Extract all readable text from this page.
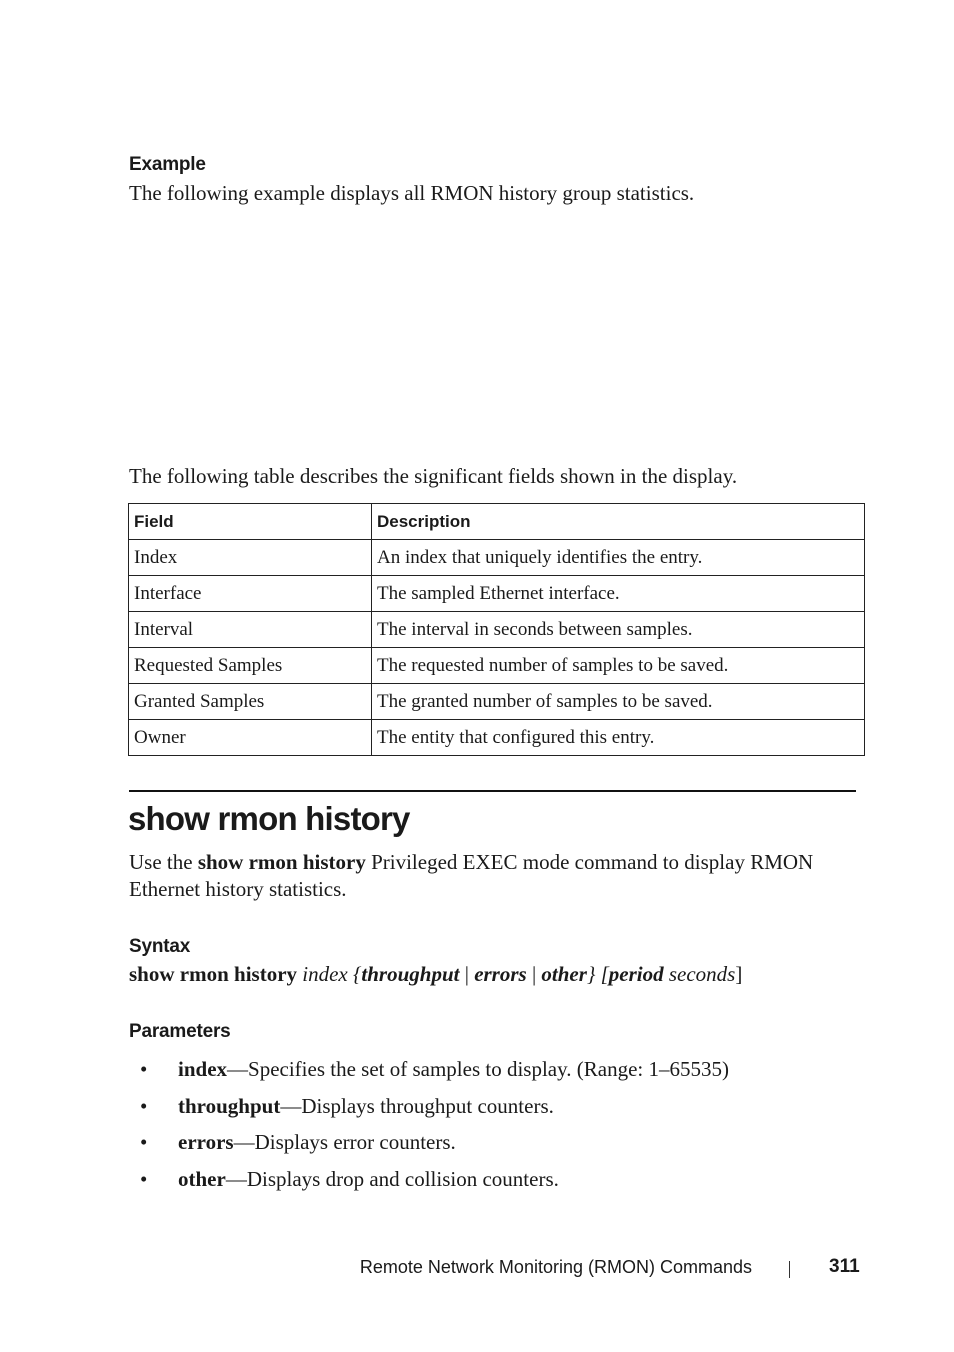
Example
The following example displays all RMON history group statistics.
The following table describes the significant fields shown in the display.
Field	Description
Index	An index that uniquely identifies the entry.
Interface	The sampled Ethernet interface.
Interval	The interval in seconds between samples.
Requested Samples	The requested number of samples to be saved.
Granted Samples	The granted number of samples to be saved.
Owner	The entity that configured this entry.
show rmon history
Use the show rmon history Privileged EXEC mode command to display RMON Ethernet history statistics.
Syntax
show rmon history index {throughput | errors | other} [period seconds]
Parameters
• index—Specifies the set of samples to display. (Range: 1–65535)
• throughput—Displays throughput counters.
• errors—Displays error counters.
• other—Displays drop and collision counters.
Remote Network Monitoring (RMON) Commands	311
